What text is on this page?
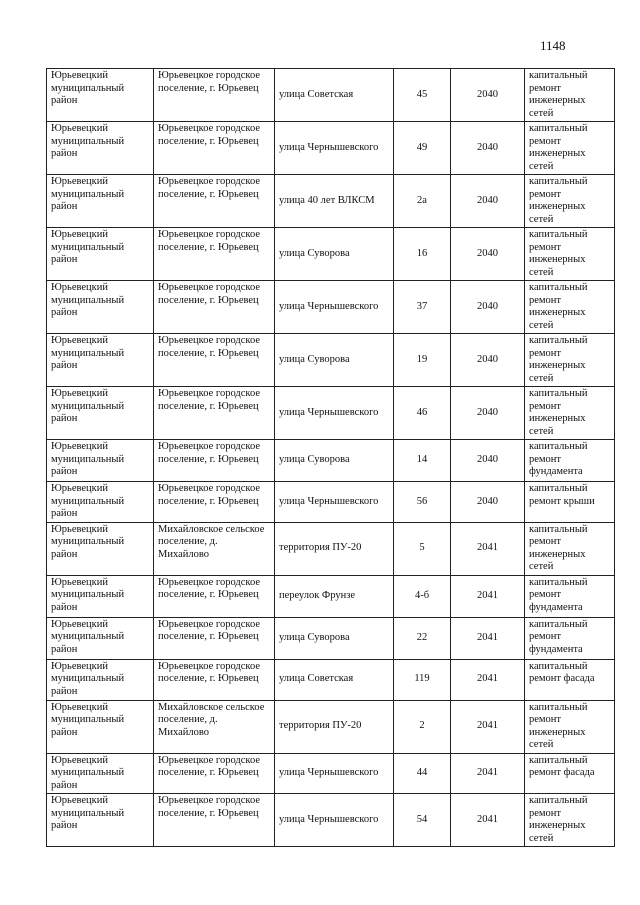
1148
Юрьевецкий муниципальный район	Юрьевецкое городское поселение, г. Юрьевец	улица Советская	45	2040	капитальный ремонт инженерных сетей
Юрьевецкий муниципальный район	Юрьевецкое городское поселение, г. Юрьевец	улица Чернышевского	49	2040	капитальный ремонт инженерных сетей
Юрьевецкий муниципальный район	Юрьевецкое городское поселение, г. Юрьевец	улица 40 лет ВЛКСМ	2а	2040	капитальный ремонт инженерных сетей
Юрьевецкий муниципальный район	Юрьевецкое городское поселение, г. Юрьевец	улица Суворова	16	2040	капитальный ремонт инженерных сетей
Юрьевецкий муниципальный район	Юрьевецкое городское поселение, г. Юрьевец	улица Чернышевского	37	2040	капитальный ремонт инженерных сетей
Юрьевецкий муниципальный район	Юрьевецкое городское поселение, г. Юрьевец	улица Суворова	19	2040	капитальный ремонт инженерных сетей
Юрьевецкий муниципальный район	Юрьевецкое городское поселение, г. Юрьевец	улица Чернышевского	46	2040	капитальный ремонт инженерных сетей
Юрьевецкий муниципальный район	Юрьевецкое городское поселение, г. Юрьевец	улица Суворова	14	2040	капитальный ремонт фундамента
Юрьевецкий муниципальный район	Юрьевецкое городское поселение, г. Юрьевец	улица Чернышевского	56	2040	капитальный ремонт крыши
Юрьевецкий муниципальный район	Михайловское сельское поселение, д. Михайлово	территория ПУ-20	5	2041	капитальный ремонт инженерных сетей
Юрьевецкий муниципальный район	Юрьевецкое городское поселение, г. Юрьевец	переулок Фрунзе	4-б	2041	капитальный ремонт фундамента
Юрьевецкий муниципальный район	Юрьевецкое городское поселение, г. Юрьевец	улица Суворова	22	2041	капитальный ремонт фундамента
Юрьевецкий муниципальный район	Юрьевецкое городское поселение, г. Юрьевец	улица Советская	119	2041	капитальный ремонт фасада
Юрьевецкий муниципальный район	Михайловское сельское поселение, д. Михайлово	территория ПУ-20	2	2041	капитальный ремонт инженерных сетей
Юрьевецкий муниципальный район	Юрьевецкое городское поселение, г. Юрьевец	улица Чернышевского	44	2041	капитальный ремонт фасада
Юрьевецкий муниципальный район	Юрьевецкое городское поселение, г. Юрьевец	улица Чернышевского	54	2041	капитальный ремонт инженерных сетей
